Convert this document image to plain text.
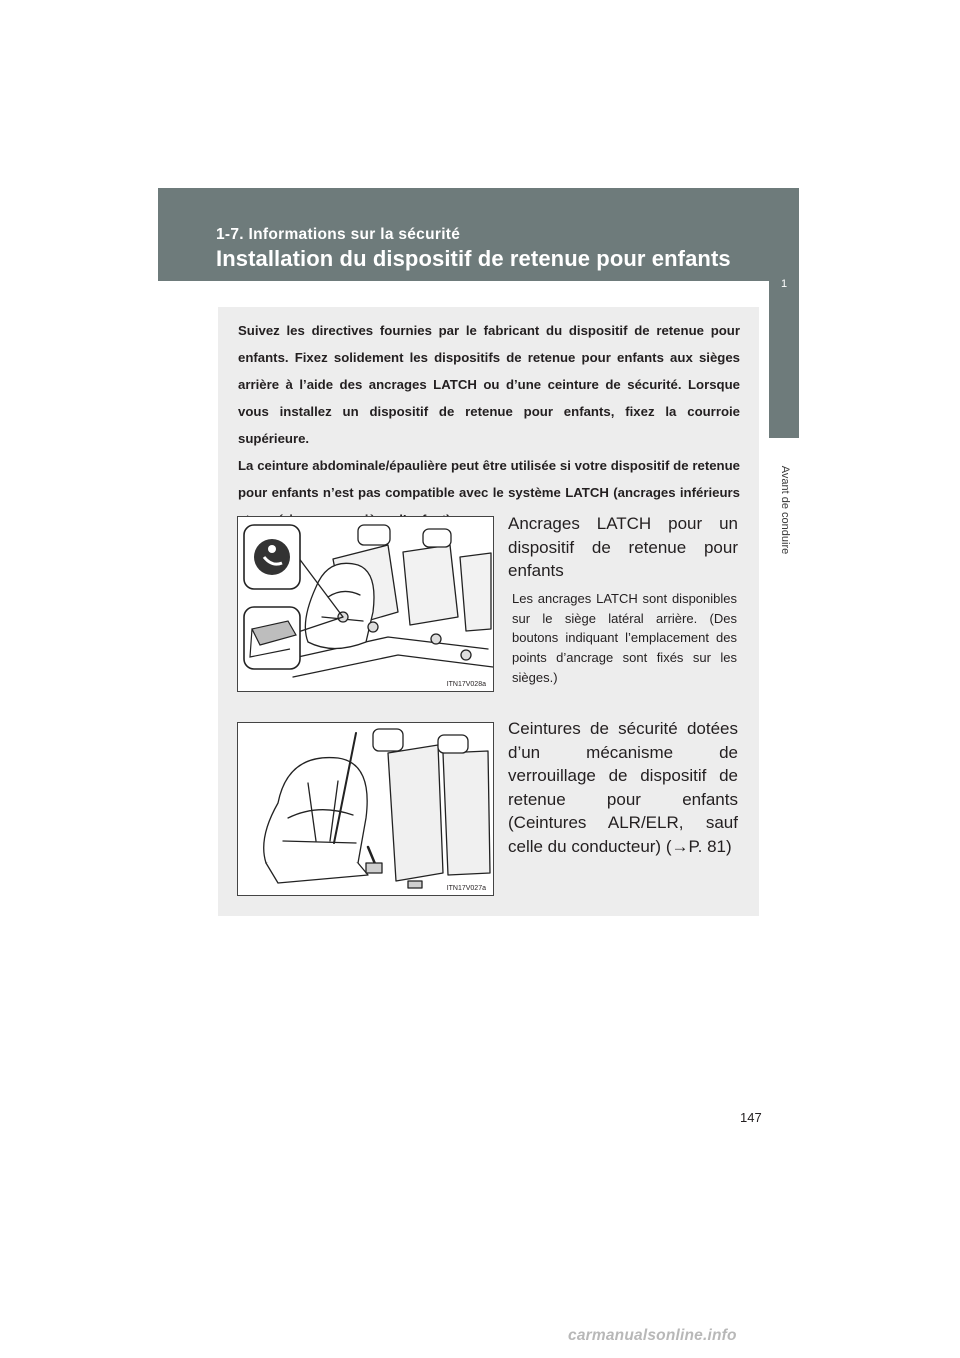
1-7. Informations sur la sécurité
Installation du dispositif de retenue pour enfants
1
Avant de conduire

Suivez les directives fournies par le fabricant du dispositif de retenue pour enfants. Fixez solidement les dispositifs de retenue pour enfants aux sièges arrière à l’aide des ancrages LATCH ou d’une ceinture de sécurité. Lorsque vous installez un dispositif de retenue pour enfants, fixez la courroie supérieure.

La ceinture abdominale/épaulière peut être utilisée si votre dispositif de retenue pour enfants n’est pas compatible avec le système LATCH (ancrages inférieurs

ITN17V028a
Ancrages LATCH pour un dispositif de retenue pour enfants
Les ancrages LATCH sont disponibles sur le siège latéral arrière. (Des boutons indiquant l’emplacement des points d’ancrage sont fixés sur les sièges.)
ITN17V027a
Ceintures de sécurité dotées d’un mécanisme de verrouillage de dispositif de retenue pour enfants (Ceintures ALR/ELR, sauf celle du conducteur) (→P. 81)
147
carmanualsonline.info
